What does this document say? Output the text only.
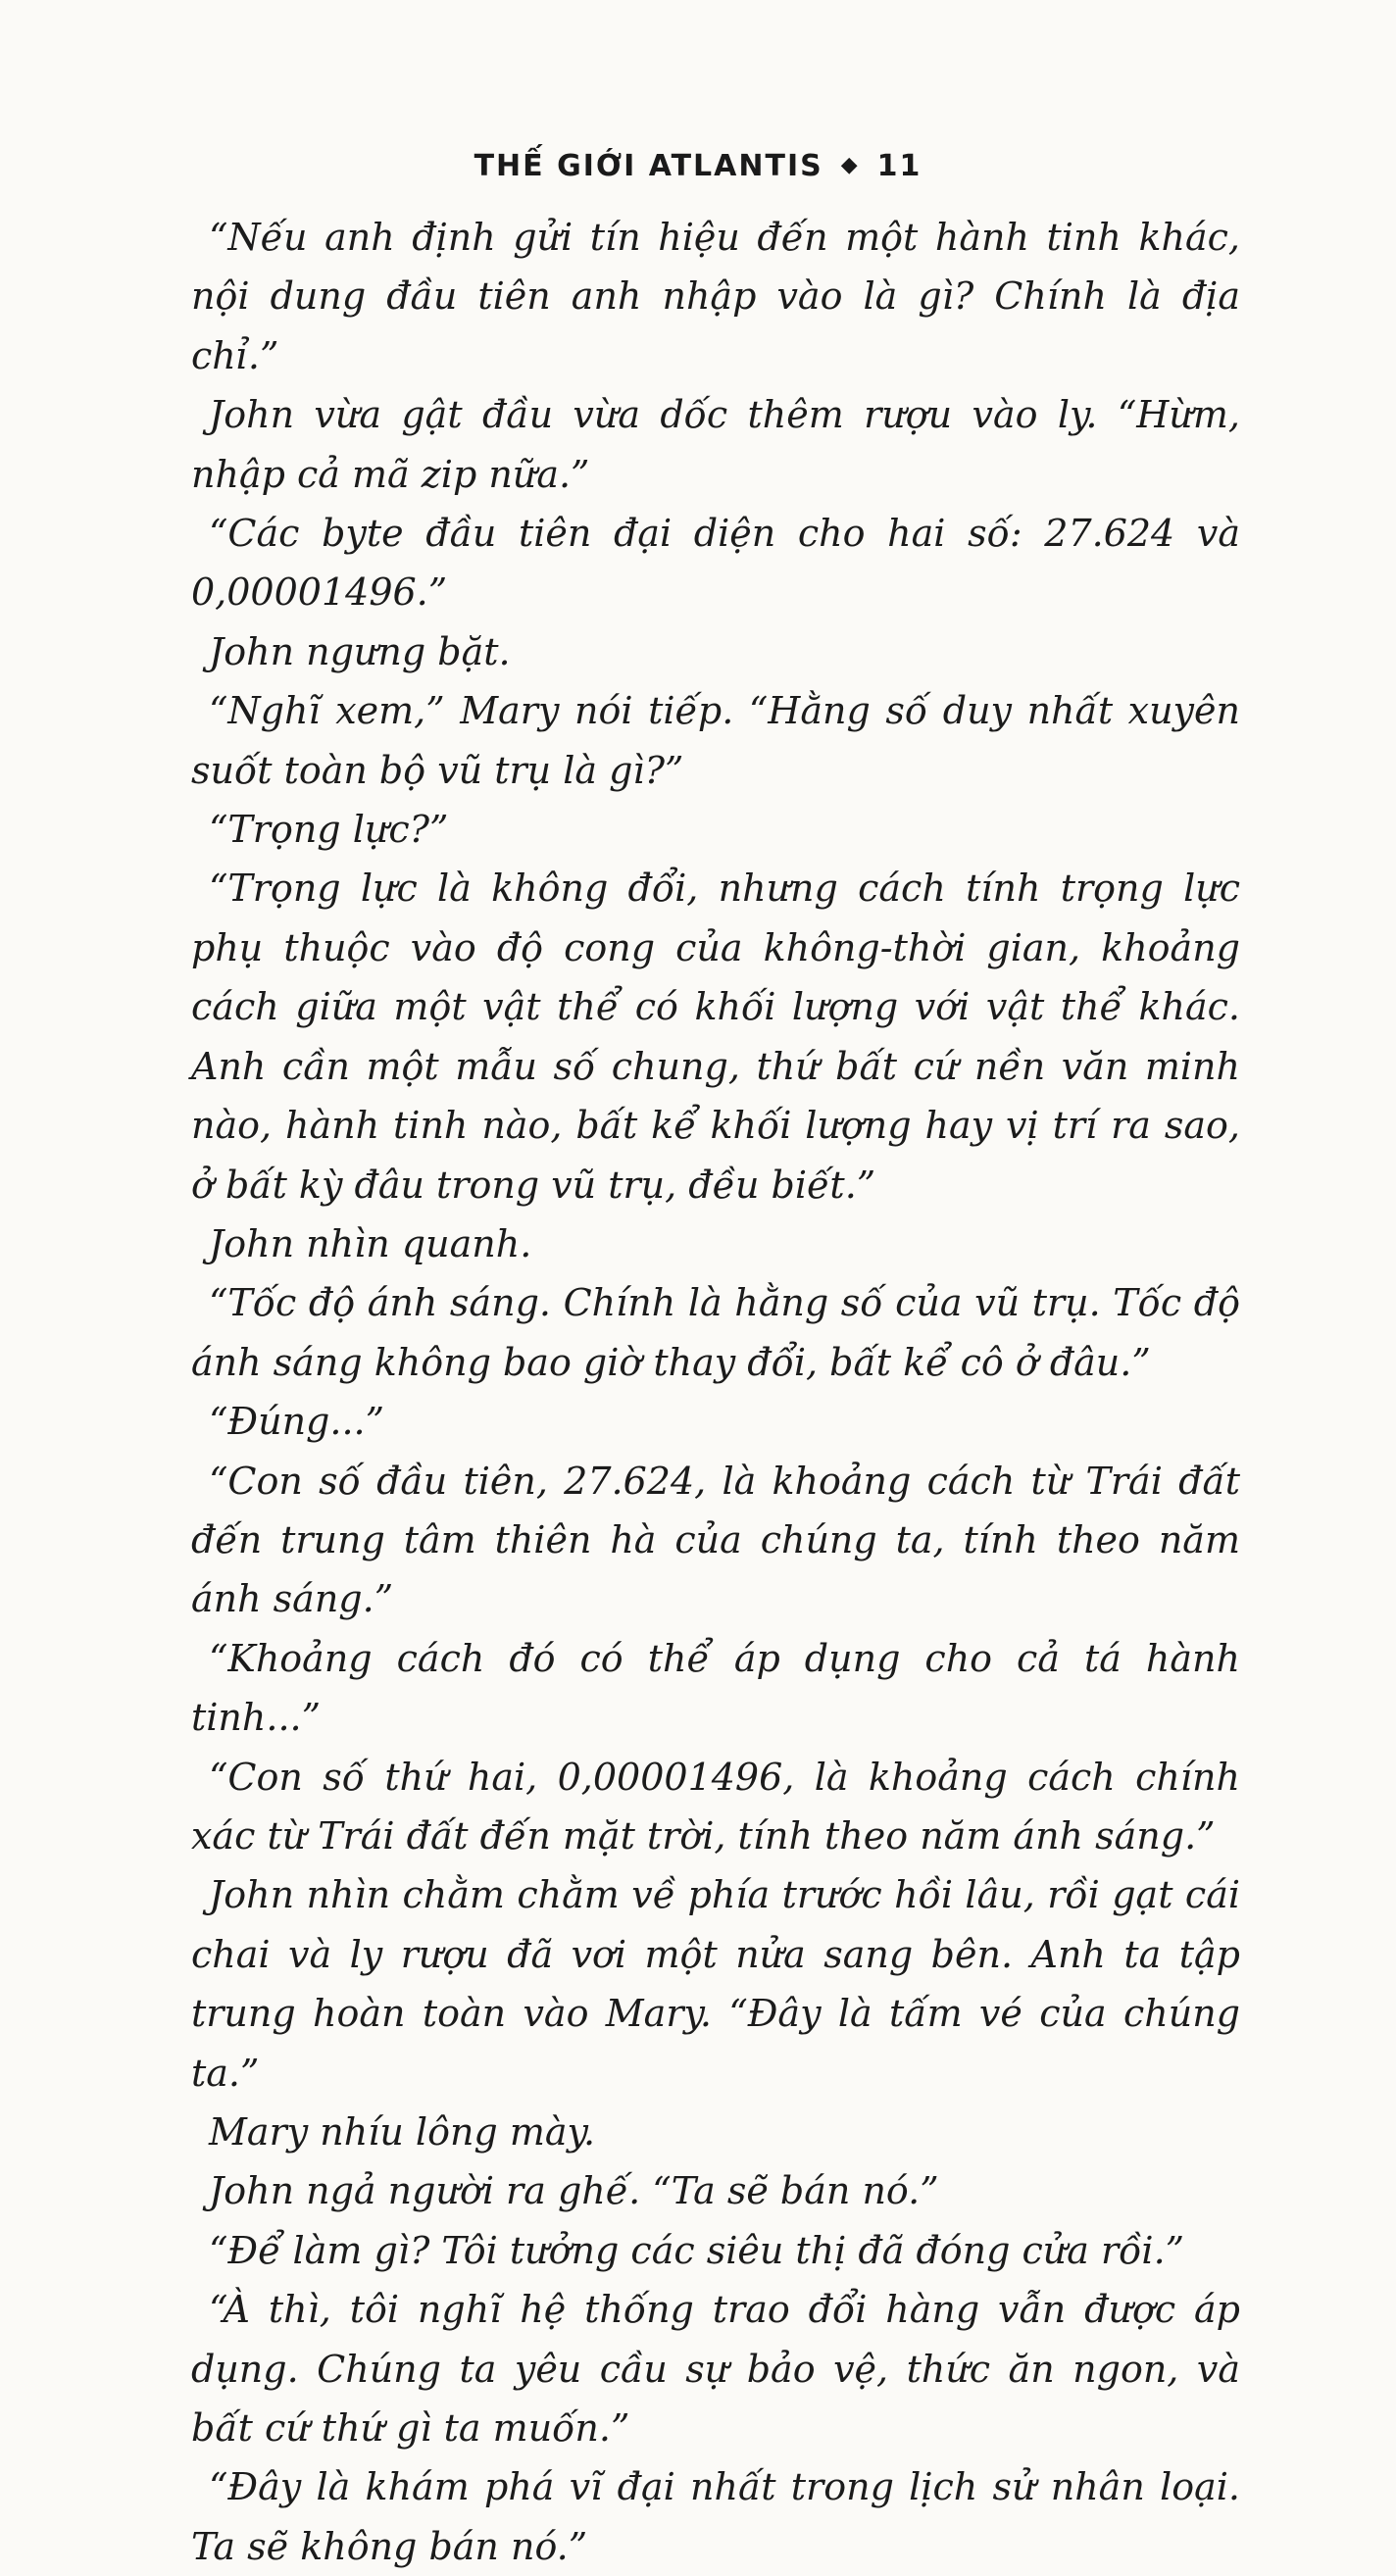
THẾ GIỚI ATLANTIS ◆ 11

“Nếu anh định gửi tín hiệu đến một hành tinh khác, nội dung đầu tiên anh nhập vào là gì? Chính là địa chỉ.”

John vừa gật đầu vừa dốc thêm rượu vào ly. “Hừm, nhập cả mã zip nữa.”

“Các byte đầu tiên đại diện cho hai số: 27.624 và 0,00001496.”

John ngưng bặt.

“Nghĩ xem,” Mary nói tiếp. “Hằng số duy nhất xuyên suốt toàn bộ vũ trụ là gì?”

“Trọng lực?”

“Trọng lực là không đổi, nhưng cách tính trọng lực phụ thuộc vào độ cong của không-thời gian, khoảng cách giữa một vật thể có khối lượng với vật thể khác. Anh cần một mẫu số chung, thứ bất cứ nền văn minh nào, hành tinh nào, bất kể khối lượng hay vị trí ra sao, ở bất kỳ đâu trong vũ trụ, đều biết.”

John nhìn quanh.

“Tốc độ ánh sáng. Chính là hằng số của vũ trụ. Tốc độ ánh sáng không bao giờ thay đổi, bất kể cô ở đâu.”

“Đúng...”

“Con số đầu tiên, 27.624, là khoảng cách từ Trái đất đến trung tâm thiên hà của chúng ta, tính theo năm ánh sáng.”

“Khoảng cách đó có thể áp dụng cho cả tá hành tinh...”

“Con số thứ hai, 0,00001496, là khoảng cách chính xác từ Trái đất đến mặt trời, tính theo năm ánh sáng.”

John nhìn chằm chằm về phía trước hồi lâu, rồi gạt cái chai và ly rượu đã vơi một nửa sang bên. Anh ta tập trung hoàn toàn vào Mary. “Đây là tấm vé của chúng ta.”

Mary nhíu lông mày.

John ngả người ra ghế. “Ta sẽ bán nó.”

“Để làm gì? Tôi tưởng các siêu thị đã đóng cửa rồi.”

“À thì, tôi nghĩ hệ thống trao đổi hàng vẫn được áp dụng. Chúng ta yêu cầu sự bảo vệ, thức ăn ngon, và bất cứ thứ gì ta muốn.”

“Đây là khám phá vĩ đại nhất trong lịch sử nhân loại. Ta sẽ không bán nó.”
